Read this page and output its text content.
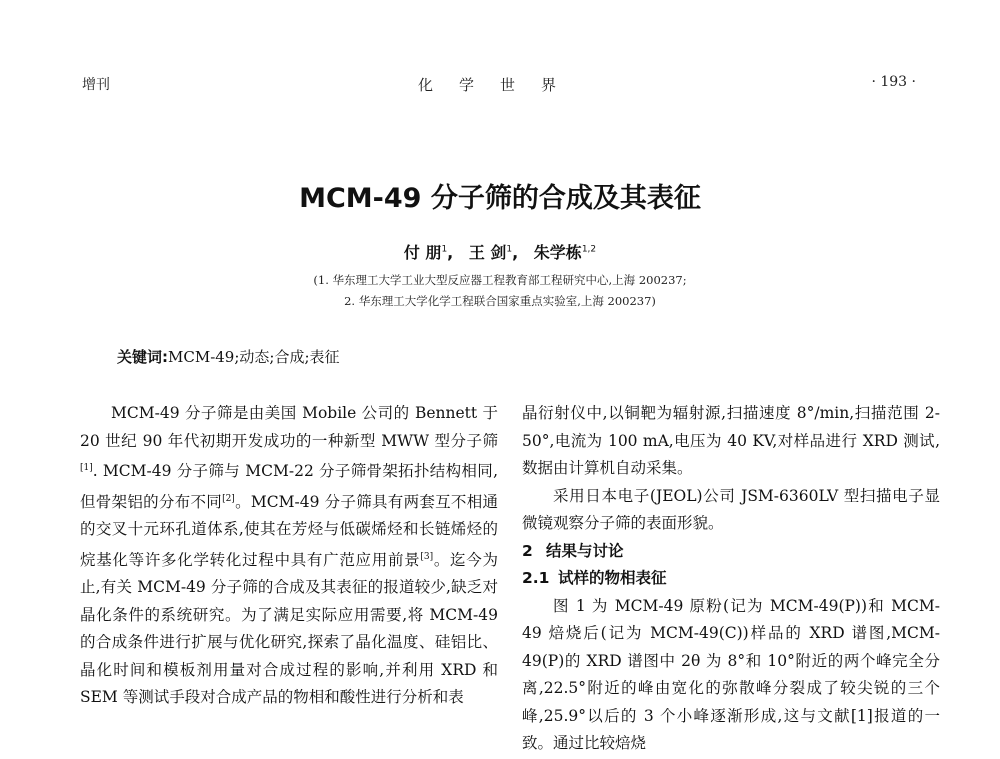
增刊	化学世界	· 193 ·
MCM-49 分子筛的合成及其表征
付 朋$^1$, 王 剑$^1$, 朱学栋$^{1,2}$
(1. 华东理工大学工业大型反应器工程教育部工程研究中心,上海 200237;
2. 华东理工大学化学工程联合国家重点实验室,上海 200237)
关键词:MCM-49;动态;合成;表征

MCM-49 分子筛是由美国 Mobile 公司的 Bennett 于 20 世纪 90 年代初期开发成功的一种新型 MWW 型分子筛[1]. MCM-49 分子筛与 MCM-22 分子筛骨架拓扑结构相同,但骨架铝的分布不同[2]。MCM-49 分子筛具有两套互不相通的交叉十元环孔道体系,使其在芳烃与低碳烯烃和长链烯烃的烷基化等许多化学转化过程中具有广范应用前景[3]。迄今为止,有关 MCM-49 分子筛的合成及其表征的报道较少,缺乏对晶化条件的系统研究。为了满足实际应用需要,将 MCM-49 的合成条件进行扩展与优化研究,探索了晶化温度、硅铝比、晶化时间和模板剂用量对合成过程的影响,并利用 XRD 和 SEM 等测试手段对合成产品的物相和酸性进行分析和表

晶衍射仪中,以铜靶为辐射源,扫描速度 8°/min,扫描范围 2-50°,电流为 100 mA,电压为 40 KV,对样品进行 XRD 测试,数据由计算机自动采集。

采用日本电子(JEOL)公司 JSM-6360LV 型扫描电子显微镜观察分子筛的表面形貌。

2 结果与讨论

2.1 试样的物相表征

图 1 为 MCM-49 原粉(记为 MCM-49(P))和 MCM-49 焙烧后(记为 MCM-49(C))样品的 XRD 谱图,MCM-49(P)的 XRD 谱图中 2θ 为 8°和 10°附近的两个峰完全分离,22.5°附近的峰由宽化的弥散峰分裂成了较尖锐的三个峰,25.9°以后的 3 个小峰逐渐形成,这与文献[1]报道的一致。通过比较焙烧
